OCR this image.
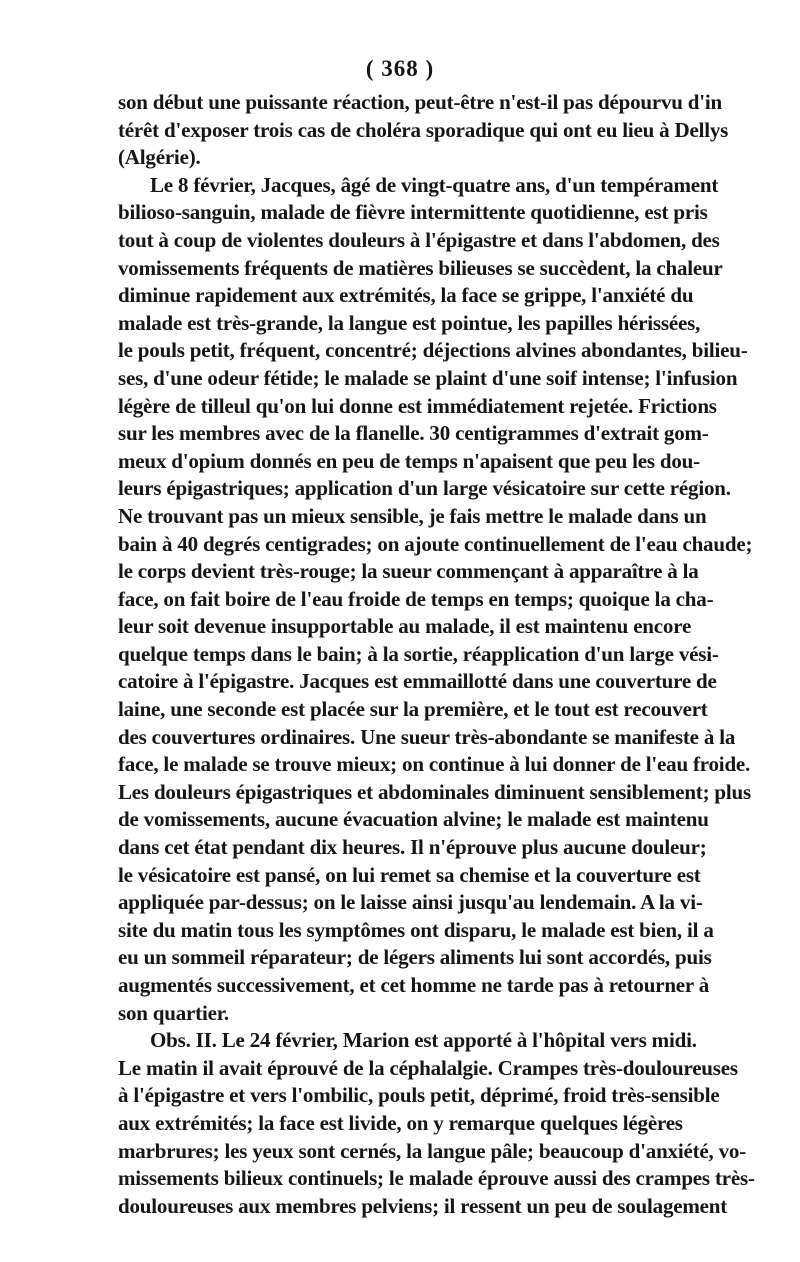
( 368 )
son début une puissante réaction, peut-être n'est-il pas dépourvu d'in
térêt d'exposer trois cas de choléra sporadique qui ont eu lieu à Dellys
(Algérie).
Le 8 février, Jacques, âgé de vingt-quatre ans, d'un tempérament
bilioso-sanguin, malade de fièvre intermittente quotidienne, est pris
tout à coup de violentes douleurs à l'épigastre et dans l'abdomen, des
vomissements fréquents de matières bilieuses se succèdent, la chaleur
diminue rapidement aux extrémités, la face se grippe, l'anxiété du
malade est très-grande, la langue est pointue, les papilles hérissées,
le pouls petit, fréquent, concentré; déjections alvines abondantes, bilieu-
ses, d'une odeur fétide; le malade se plaint d'une soif intense; l'infusion
légère de tilleul qu'on lui donne est immédiatement rejetée. Frictions
sur les membres avec de la flanelle. 30 centigrammes d'extrait gom-
meux d'opium donnés en peu de temps n'apaisent que peu les dou-
leurs épigastriques; application d'un large vésicatoire sur cette région.
Ne trouvant pas un mieux sensible, je fais mettre le malade dans un
bain à 40 degrés centigrades; on ajoute continuellement de l'eau chaude;
le corps devient très-rouge; la sueur commençant à apparaître à la
face, on fait boire de l'eau froide de temps en temps; quoique la cha-
leur soit devenue insupportable au malade, il est maintenu encore
quelque temps dans le bain; à la sortie, réapplication d'un large vési-
catoire à l'épigastre. Jacques est emmaillotté dans une couverture de
laine, une seconde est placée sur la première, et le tout est recouvert
des couvertures ordinaires. Une sueur très-abondante se manifeste à la
face, le malade se trouve mieux; on continue à lui donner de l'eau froide.
Les douleurs épigastriques et abdominales diminuent sensiblement; plus
de vomissements, aucune évacuation alvine; le malade est maintenu
dans cet état pendant dix heures. Il n'éprouve plus aucune douleur;
le vésicatoire est pansé, on lui remet sa chemise et la couverture est
appliquée par-dessus; on le laisse ainsi jusqu'au lendemain. A la vi-
site du matin tous les symptômes ont disparu, le malade est bien, il a
eu un sommeil réparateur; de légers aliments lui sont accordés, puis
augmentés successivement, et cet homme ne tarde pas à retourner à
son quartier.
Obs. II. Le 24 février, Marion est apporté à l'hôpital vers midi.
Le matin il avait éprouvé de la céphalalgie. Crampes très-douloureuses
à l'épigastre et vers l'ombilic, pouls petit, déprimé, froid très-sensible
aux extrémités; la face est livide, on y remarque quelques légères
marbrures; les yeux sont cernés, la langue pâle; beaucoup d'anxiété, vo-
missements bilieux continuels; le malade éprouve aussi des crampes très-
douloureuses aux membres pelviens; il ressent un peu de soulagement
